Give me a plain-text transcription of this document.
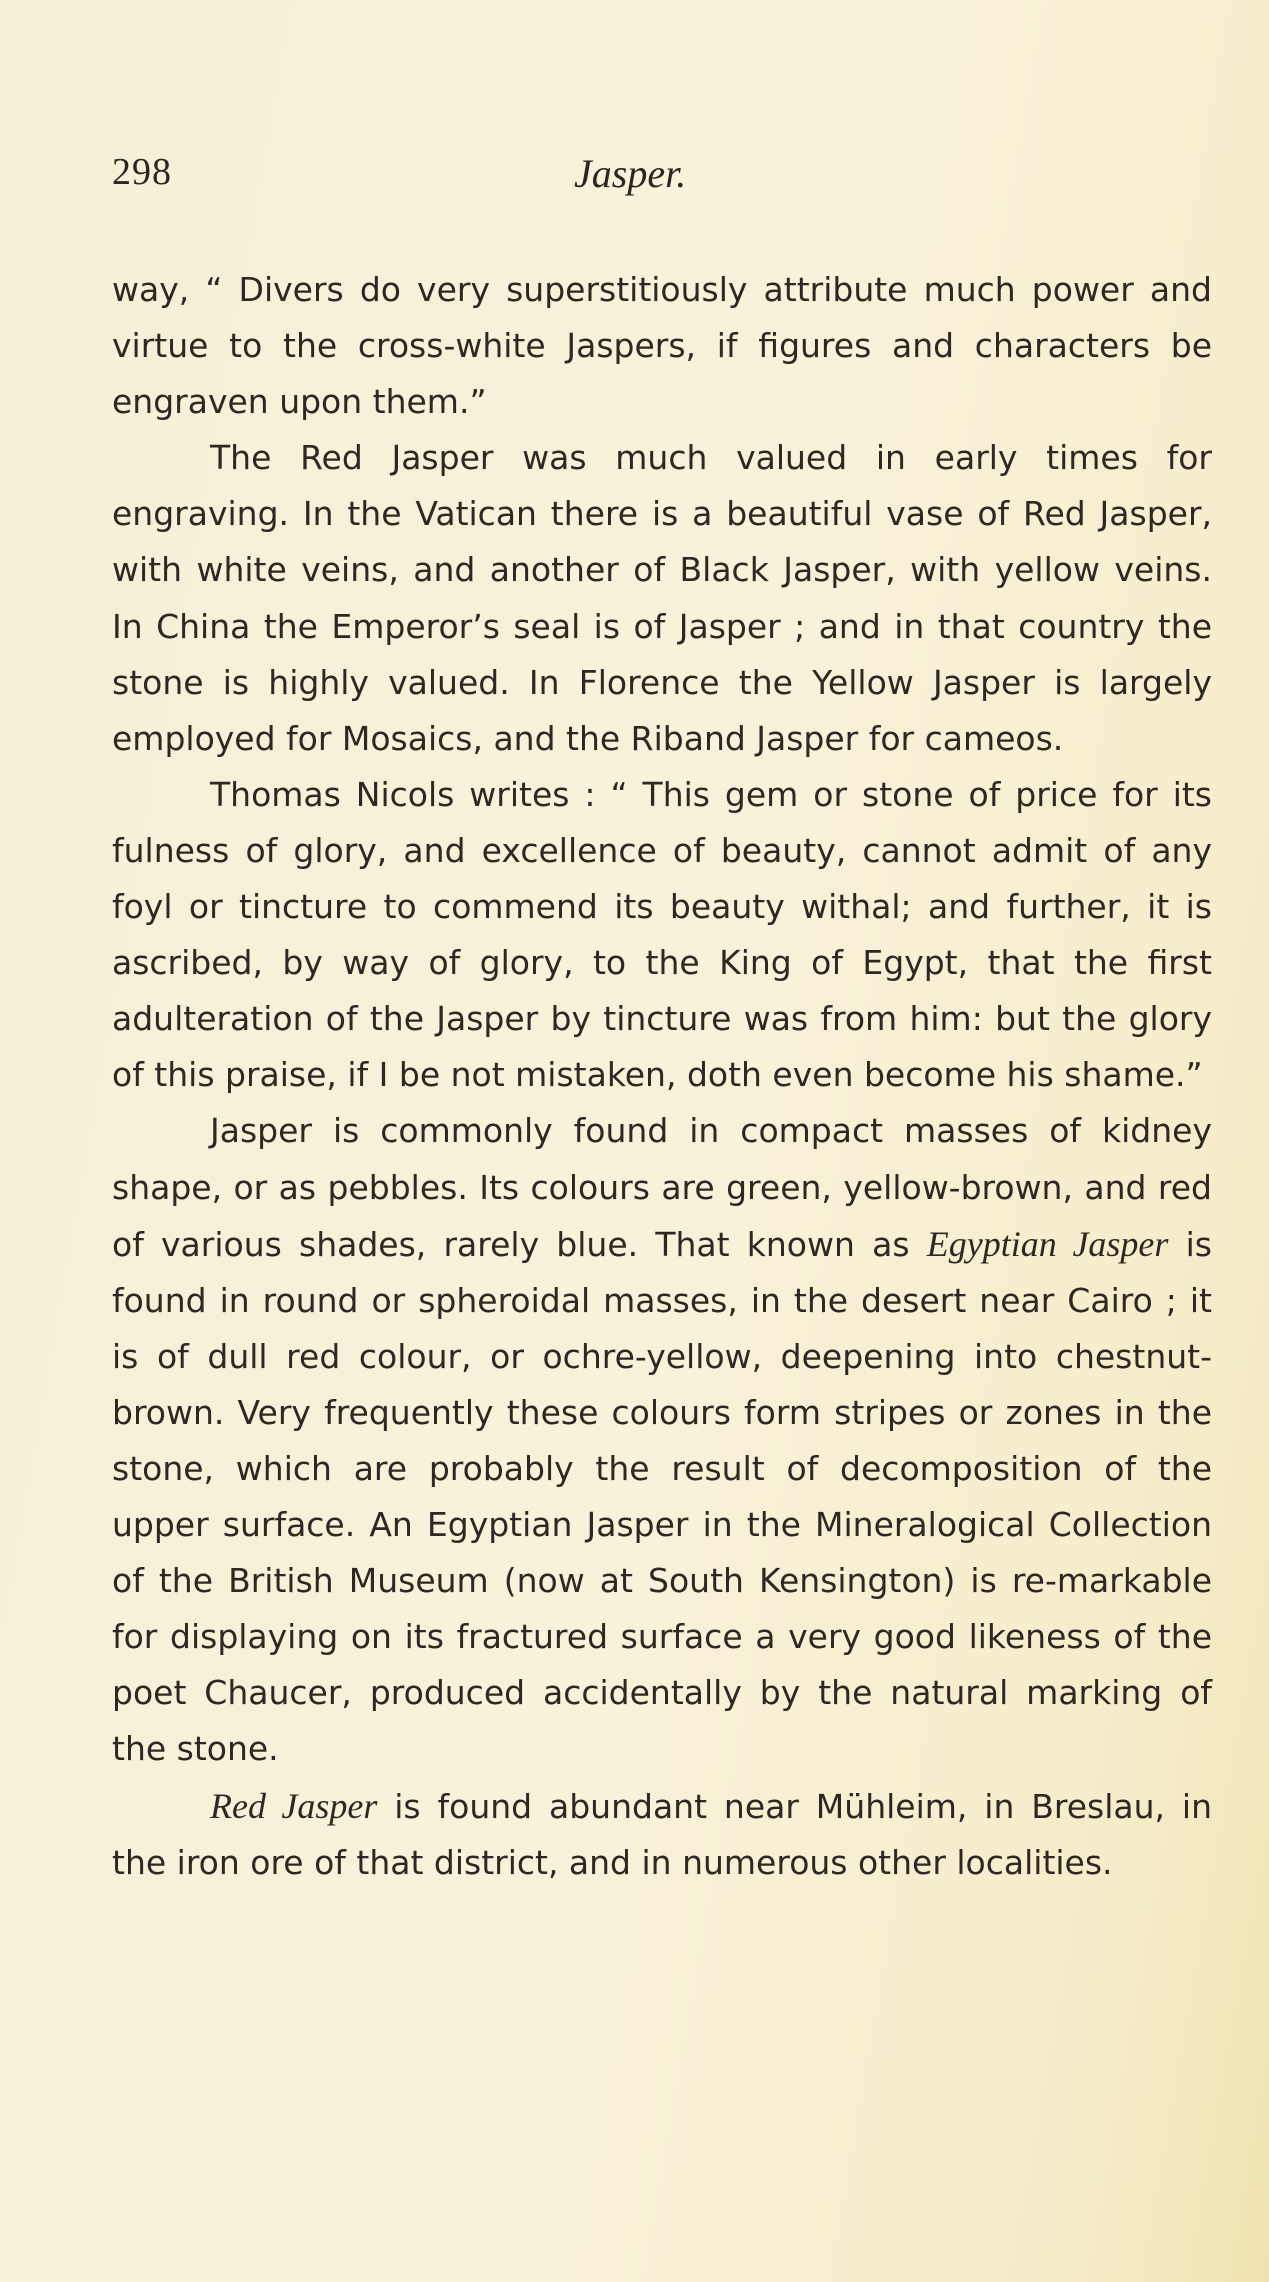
298	Jasper.

way, “ Divers do very superstitiously attribute much power and virtue to the cross-white Jaspers, if figures and characters be engraven upon them.”

The Red Jasper was much valued in early times for engraving. In the Vatican there is a beautiful vase of Red Jasper, with white veins, and another of Black Jasper, with yellow veins. In China the Emperor’s seal is of Jasper ; and in that country the stone is highly valued. In Florence the Yellow Jasper is largely employed for Mosaics, and the Riband Jasper for cameos.

Thomas Nicols writes : “ This gem or stone of price for its fulness of glory, and excellence of beauty, cannot admit of any foyl or tincture to commend its beauty withal; and further, it is ascribed, by way of glory, to the King of Egypt, that the first adulteration of the Jasper by tincture was from him: but the glory of this praise, if I be not mistaken, doth even become his shame.”

Jasper is commonly found in compact masses of kidney shape, or as pebbles. Its colours are green, yellow-brown, and red of various shades, rarely blue. That known as Egyptian Jasper is found in round or spheroidal masses, in the desert near Cairo ; it is of dull red colour, or ochre-yellow, deepening into chestnut-brown. Very frequently these colours form stripes or zones in the stone, which are probably the result of decomposition of the upper surface. An Egyptian Jasper in the Mineralogical Collection of the British Museum (now at South Kensington) is re-markable for displaying on its fractured surface a very good likeness of the poet Chaucer, produced accidentally by the natural marking of the stone.

Red Jasper is found abundant near Mühleim, in Breslau, in the iron ore of that district, and in numerous other localities.
